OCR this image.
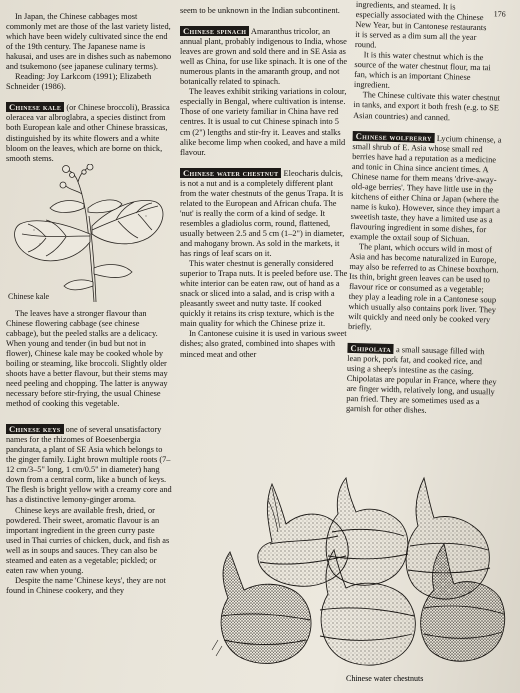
In Japan, the Chinese cabbages most commonly met are those of the last variety listed, which have been widely cultivated since the end of the 19th century. The Japanese name is hakusai, and uses are in dishes such as nabemono and tsukemono (see japanese culinary terms).

Reading: Joy Larkcom (1991); Elizabeth Schneider (1986).

Chinese kale (or Chinese broccoli), Brassica oleracea var albroglabra, a species distinct from both European kale and other Chinese brassicas, distinguished by its white flowers and a white bloom on the leaves, which are borne on thick, smooth stems.

Chinese kale

The leaves have a stronger flavour than Chinese flowering cabbage (see chinese cabbage), but the peeled stalks are a delicacy. When young and tender (in bud but not in flower), Chinese kale may be cooked whole by boiling or steaming, like broccoli. Slightly older shoots have a better flavour, but their stems may need peeling and chopping. The latter is anyway necessary before stir-frying, the usual Chinese method of cooking this vegetable.

Chinese keys one of several unsatisfactory names for the rhizomes of Boesenbergia pandurata, a plant of SE Asia which belongs to the ginger family. Light brown multiple roots (7–12 cm/3–5" long, 1 cm/0.5" in diameter) hang down from a central corm, like a bunch of keys. The flesh is bright yellow with a creamy core and has a distinctive lemony-ginger aroma.

Chinese keys are available fresh, dried, or powdered. Their sweet, aromatic flavour is an important ingredient in the green curry paste used in Thai curries of chicken, duck, and fish as well as in soups and sauces. They can also be steamed and eaten as a vegetable; pickled; or eaten raw when young.

Despite the name 'Chinese keys', they are not found in Chinese cookery, and they

seem to be unknown in the Indian subcontinent.

Chinese spinach Amaranthus tricolor, an annual plant, probably indigenous to India, whose leaves are grown and sold there and in SE Asia as well as China, for use like spinach. It is one of the numerous plants in the amaranth group, and not botanically related to spinach.

The leaves exhibit striking variations in colour, especially in Bengal, where cultivation is intense. Those of one variety familiar in China have red centres. It is usual to cut Chinese spinach into 5 cm (2") lengths and stir-fry it. Leaves and stalks alike become limp when cooked, and have a mild flavour.

Chinese water chestnut Eleocharis dulcis, is not a nut and is a completely different plant from the water chestnuts of the genus Trapa. It is related to the European and African chufa. The 'nut' is really the corm of a kind of sedge. It resembles a gladiolus corm, round, flattened, usually between 2.5 and 5 cm (1–2") in diameter, and mahogany brown. As sold in the markets, it has rings of leaf scars on it.

This water chestnut is generally considered superior to Trapa nuts. It is peeled before use. The white interior can be eaten raw, out of hand as a snack or sliced into a salad, and is crisp with a pleasantly sweet and nutty taste. If cooked quickly it retains its crisp texture, which is the main quality for which the Chinese prize it.

In Cantonese cuisine it is used in various sweet dishes; also grated, combined into shapes with minced meat and other

176

ingredients, and steamed. It is especially associated with the Chinese New Year, but in Cantonese restaurants it is served as a dim sum all the year round.

It is this water chestnut which is the source of the water chestnut flour, ma tai fan, which is an important Chinese ingredient.

The Chinese cultivate this water chestnut in tanks, and export it both fresh (e.g. to SE Asian countries) and canned.

Chinese wolfberry Lycium chinense, a small shrub of E. Asia whose small red berries have had a reputation as a medicine and tonic in China since ancient times. A Chinese name for them means 'drive-away-old-age berries'. They have little use in the kitchens of either China or Japan (where the name is kuko). However, since they impart a sweetish taste, they have a limited use as a flavouring ingredient in some dishes, for example the oxtail soup of Sichuan.

The plant, which occurs wild in most of Asia and has become naturalized in Europe, may also be referred to as Chinese boxthorn. Its thin, bright green leaves can be used to flavour rice or consumed as a vegetable; they play a leading role in a Cantonese soup which usually also contains pork liver. They wilt quickly and need only be cooked very briefly.

Chipolata a small sausage filled with lean pork, pork fat, and cooked rice, and using a sheep's intestine as the casing. Chipolatas are popular in France, where they are finger width, relatively long, and usually pan fried. They are sometimes used as a garnish for other dishes.

Chinese water chestnuts
